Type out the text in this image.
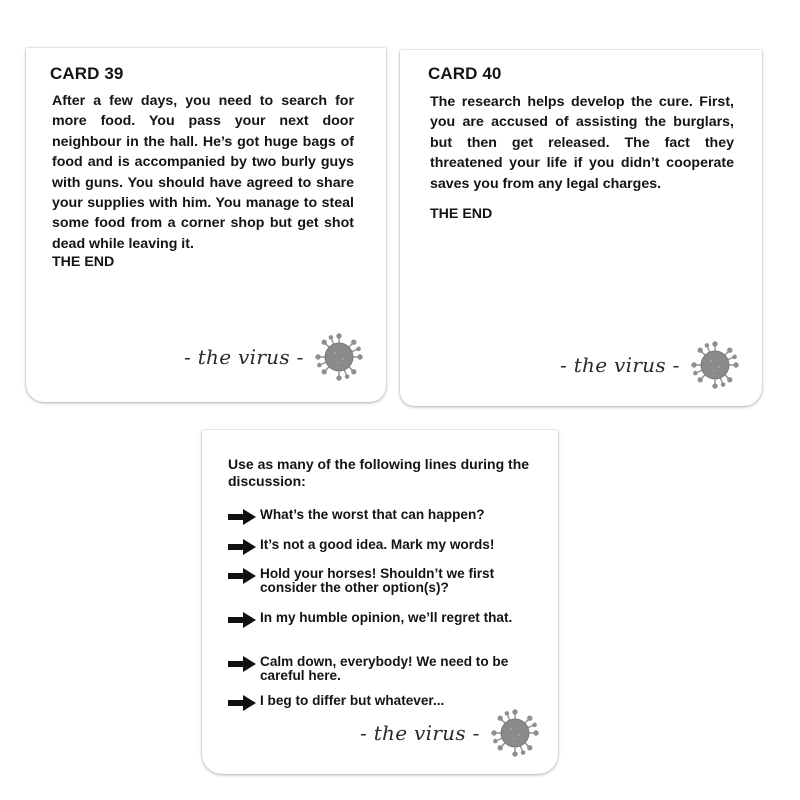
CARD 39

After a few days, you need to search for more food. You pass your next door neighbour in the hall. He’s got huge bags of food and is accompanied by two burly guys with guns. You should have agreed to share your supplies with him. You manage to steal some food from a corner shop but get shot dead while leaving it.

THE END

- the virus -
CARD 40

The research helps develop the cure. First, you are accused of assisting the burglars, but then get released. The fact they threatened your life if you didn’t cooperate saves you from any legal charges.

THE END

- the virus -

Use as many of the following lines during the discussion:

What’s the worst that can happen?
It’s not a good idea. Mark my words!
Hold your horses! Shouldn’t we first consider the other option(s)?
In my humble opinion, we’ll regret that.
Calm down, everybody! We need to be careful here.
I beg to differ but whatever...
- the virus -
